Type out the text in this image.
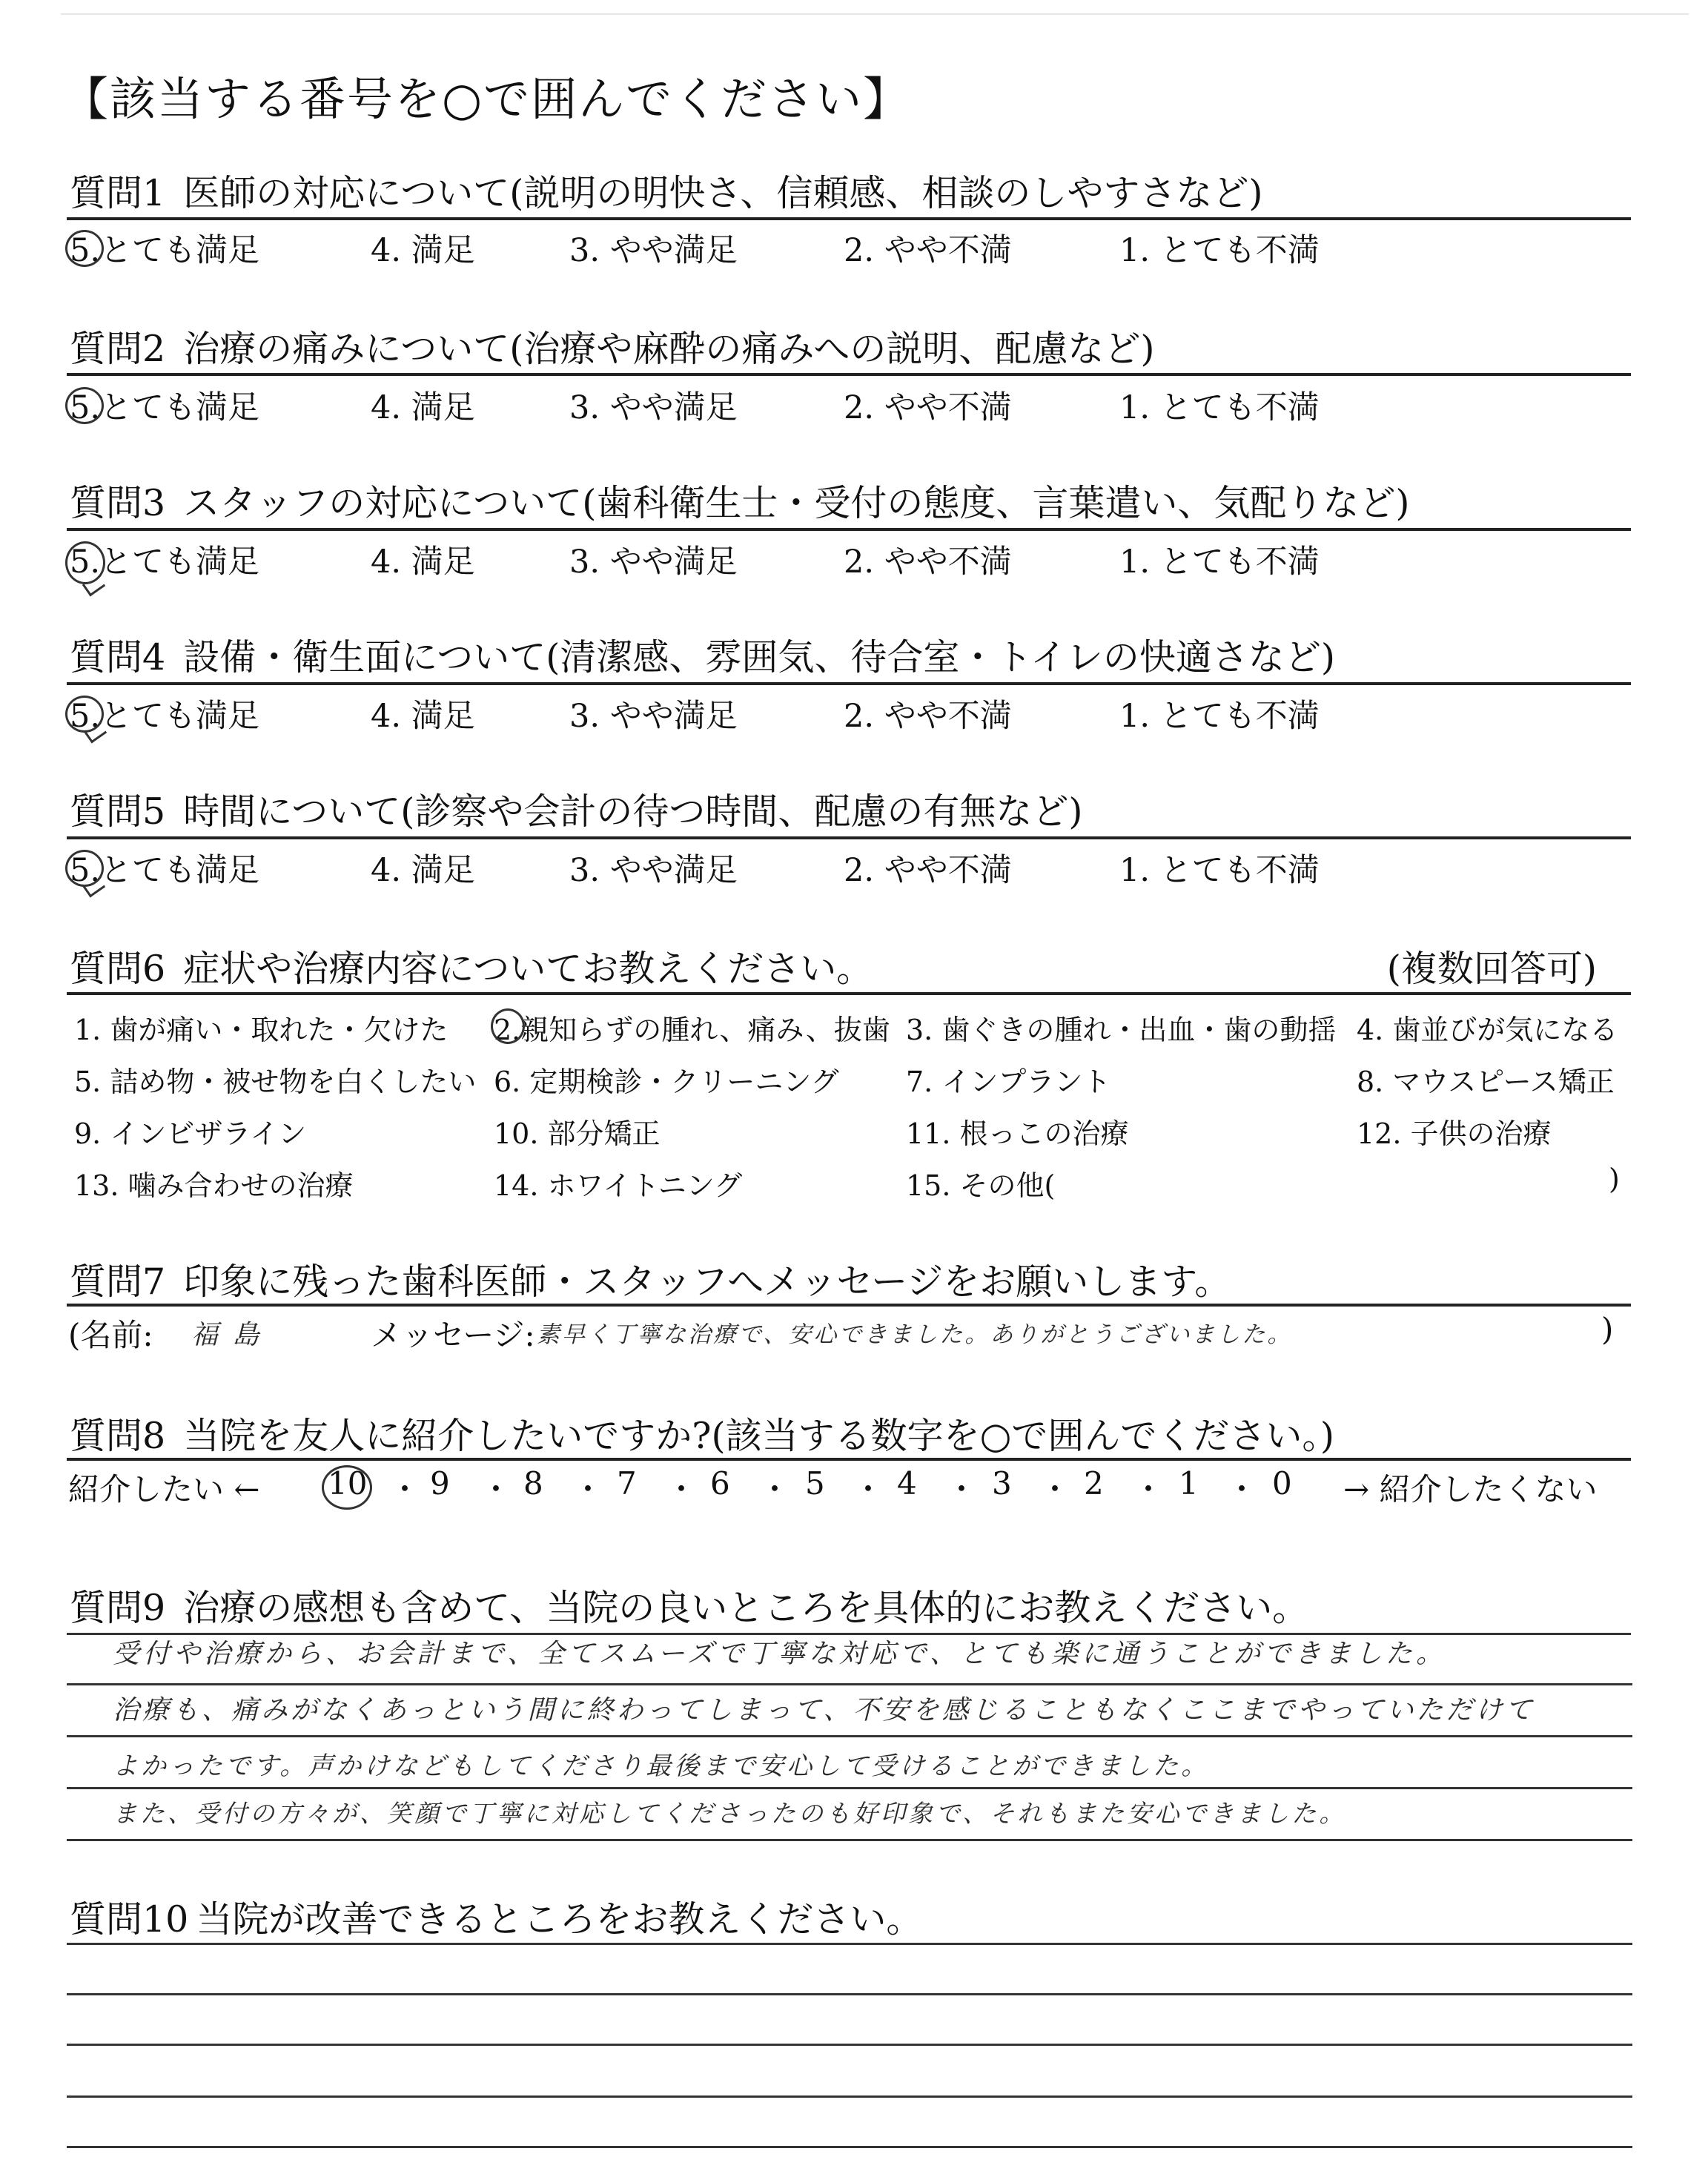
【該当する番号を○で囲んでください】
質問1 医師の対応について(説明の明快さ、信頼感、相談のしやすさなど)
5.とても満足	4. 満足	3. やや満足	2. やや不満	1. とても不満
質問2 治療の痛みについて(治療や麻酔の痛みへの説明、配慮など)
5.とても満足	4. 満足	3. やや満足	2. やや不満	1. とても不満
質問3 スタッフの対応について(歯科衛生士・受付の態度、言葉遣い、気配りなど)
5.とても満足	4. 満足	3. やや満足	2. やや不満	1. とても不満
質問4 設備・衛生面について(清潔感、雰囲気、待合室・トイレの快適さなど)
5.とても満足	4. 満足	3. やや満足	2. やや不満	1. とても不満
質問5 時間について(診察や会計の待つ時間、配慮の有無など)
5.とても満足	4. 満足	3. やや満足	2. やや不満	1. とても不満
質問6 症状や治療内容についてお教えください。	(複数回答可)
1. 歯が痛い・取れた・欠けた 2.親知らずの腫れ、痛み、抜歯 3. 歯ぐきの腫れ・出血・歯の動揺 4. 歯並びが気になる
5. 詰め物・被せ物を白くしたい 6. 定期検診・クリーニング 7. インプラント	8. マウスピース矯正
9. インビザライン	10. 部分矯正	11. 根っこの治療	12. 子供の治療
13. 噛み合わせの治療	14. ホワイトニング	15. その他(	)
質問7 印象に残った歯科医師・スタッフへメッセージをお願いします。
(名前: 福 島	メッセージ: 素早く丁寧な治療で、安心できました。ありがとうございました。	)
質問8 当院を友人に紹介したいですか?(該当する数字を○で囲んでください。)
紹介したい ← 10 ・ 9 ・ 8 ・ 7 ・ 6 ・ 5 ・ 4 ・ 3 ・ 2 ・ 1 ・ 0 → 紹介したくない
質問9 治療の感想も含めて、当院の良いところを具体的にお教えください。
受付や治療から、お会計まで、全てスムーズで丁寧な対応で、とても楽に通うことができました。
治療も、痛みがなくあっという間に終わってしまって、不安を感じることもなくここまでやっていただけて
よかったです。声かけなどもしてくださり最後まで安心して受けることができました。
また、受付の方々が、笑顔で丁寧に対応してくださったのも好印象で、それもまた安心できました。
質問10 当院が改善できるところをお教えください。
